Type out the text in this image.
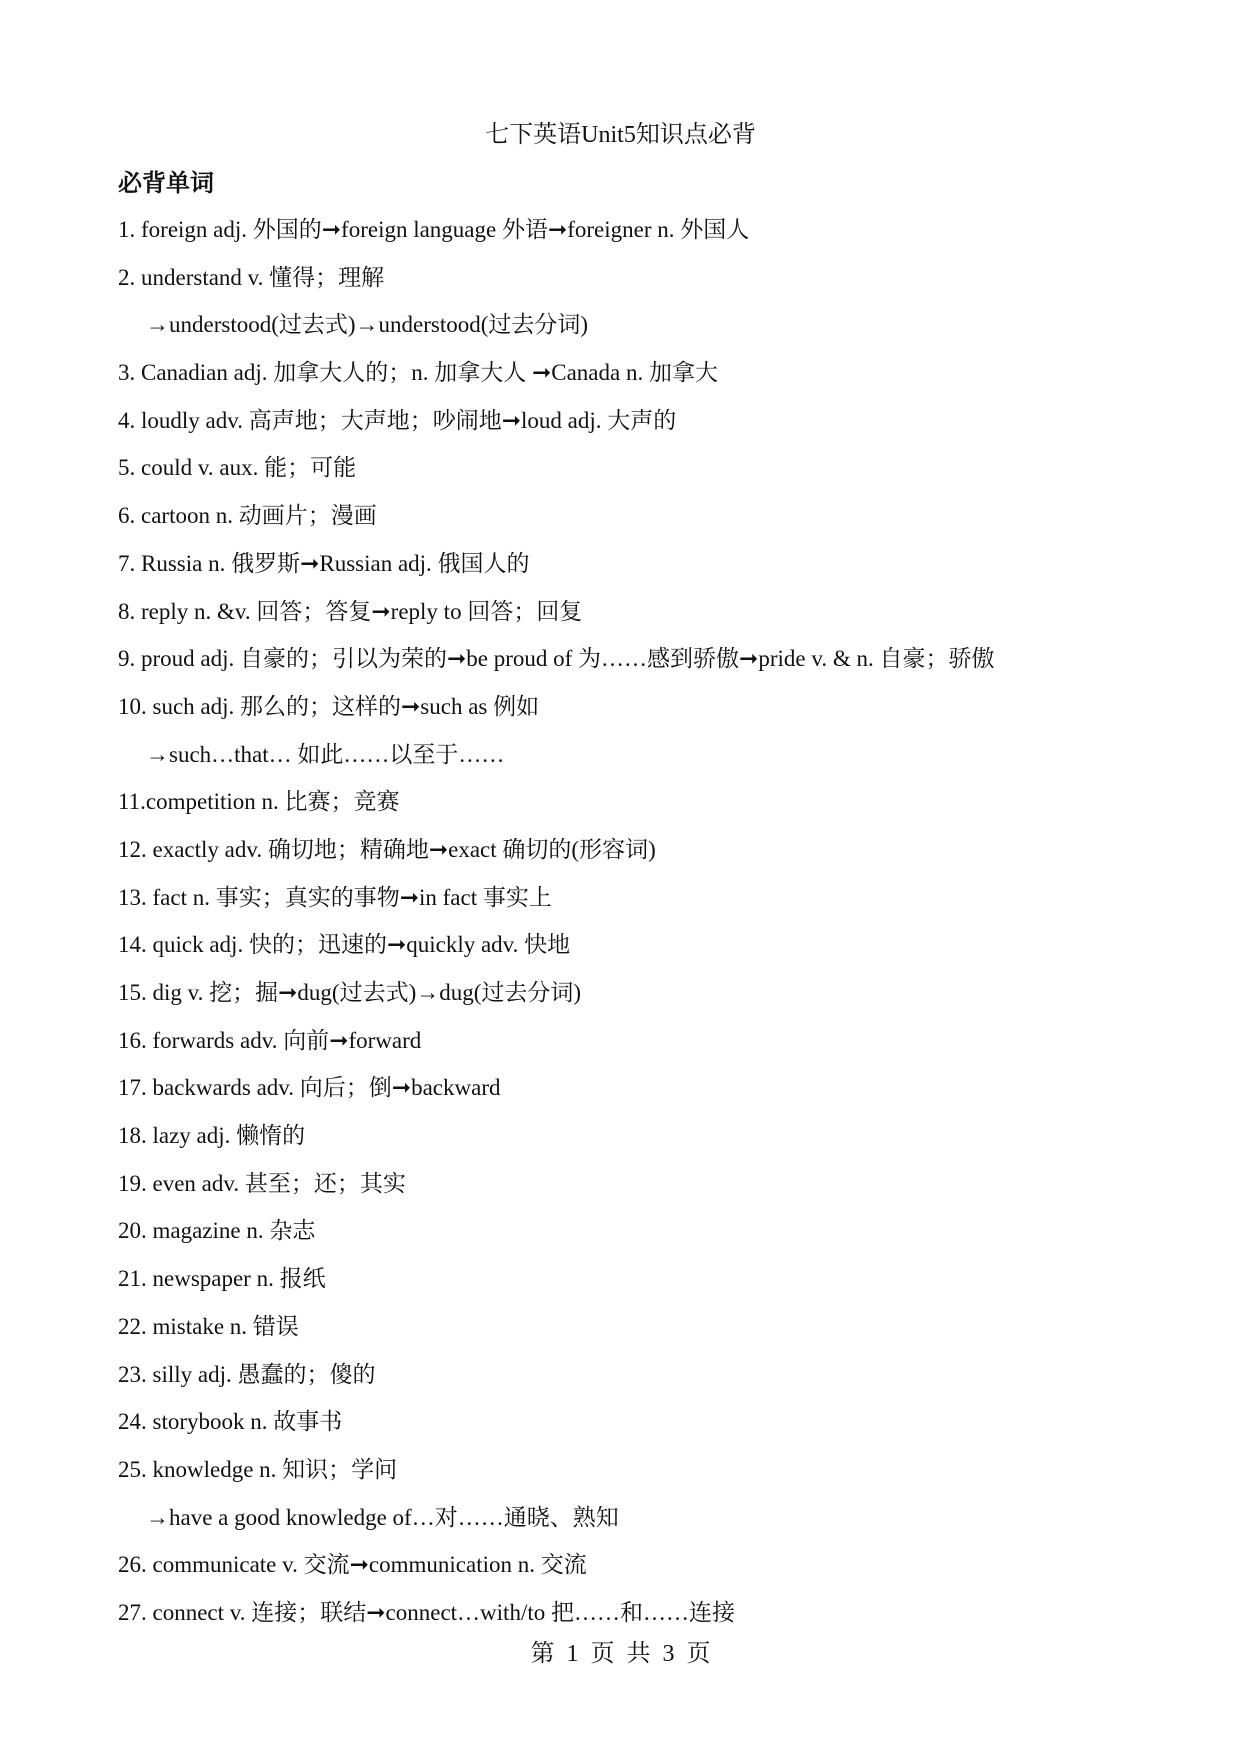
七下英语Unit5知识点必背
必背单词
1. foreign adj. 外国的➞foreign language 外语➞foreigner n. 外国人
2. understand v. 懂得；理解
→understood(过去式)→understood(过去分词)
3. Canadian adj. 加拿大人的；n. 加拿大人 ➞Canada n. 加拿大
4. loudly adv. 高声地；大声地；吵闹地➞loud adj. 大声的
5. could v. aux. 能；可能
6. cartoon n. 动画片；漫画
7. Russia n. 俄罗斯➞Russian adj. 俄国人的
8. reply n. &v. 回答；答复➞reply to 回答；回复
9. proud adj. 自豪的；引以为荣的➞be proud of 为……感到骄傲➞pride v. & n. 自豪；骄傲
10. such adj. 那么的；这样的➞such as 例如
→such…that… 如此……以至于……
11.competition n. 比赛；竞赛
12. exactly adv. 确切地；精确地➞exact 确切的(形容词)
13. fact n. 事实；真实的事物➞in fact 事实上
14. quick adj. 快的；迅速的➞quickly adv. 快地
15. dig v. 挖；掘➞dug(过去式)→dug(过去分词)
16. forwards adv. 向前➞forward
17. backwards adv. 向后；倒➞backward
18. lazy adj. 懒惰的
19. even adv. 甚至；还；其实
20. magazine n. 杂志
21. newspaper n. 报纸
22. mistake n. 错误
23. silly adj. 愚蠢的；傻的
24. storybook n. 故事书
25. knowledge n. 知识；学问
→have a good knowledge of…对……通晓、熟知
26. communicate v. 交流➞communication n. 交流
27. connect v. 连接；联结➞connect…with/to 把……和……连接
第 1 页 共 3 页
